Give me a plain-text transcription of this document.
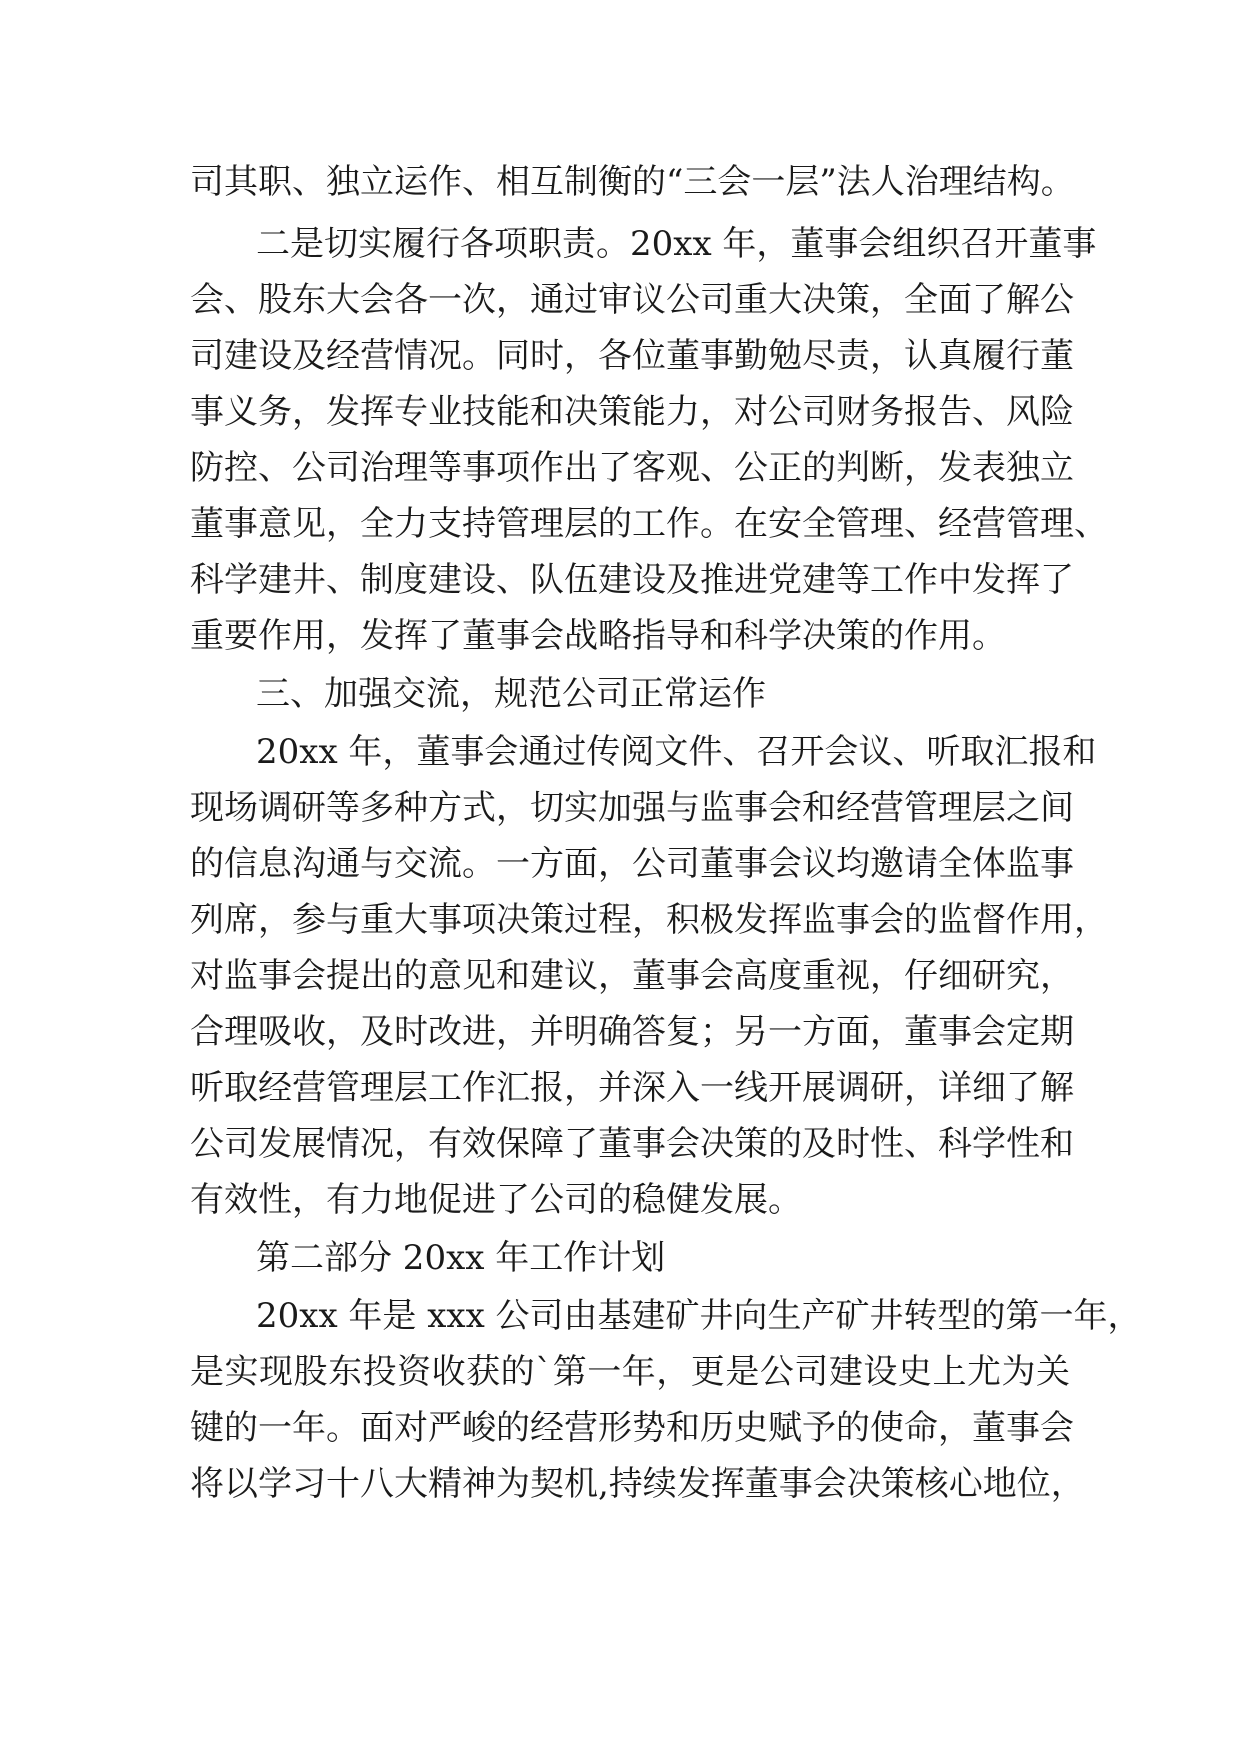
司其职、独立运作、相互制衡的“三会一层”法人治理结构。
二是切实履行各项职责。20xx 年，董事会组织召开董事
会、股东大会各一次，通过审议公司重大决策，全面了解公
司建设及经营情况。同时，各位董事勤勉尽责，认真履行董
事义务，发挥专业技能和决策能力，对公司财务报告、风险
防控、公司治理等事项作出了客观、公正的判断，发表独立
董事意见，全力支持管理层的工作。在安全管理、经营管理、
科学建井、制度建设、队伍建设及推进党建等工作中发挥了
重要作用，发挥了董事会战略指导和科学决策的作用。
三、加强交流，规范公司正常运作
20xx 年，董事会通过传阅文件、召开会议、听取汇报和
现场调研等多种方式，切实加强与监事会和经营管理层之间
的信息沟通与交流。一方面，公司董事会议均邀请全体监事
列席，参与重大事项决策过程，积极发挥监事会的监督作用，
对监事会提出的意见和建议，董事会高度重视，仔细研究，
合理吸收，及时改进，并明确答复；另一方面，董事会定期
听取经营管理层工作汇报，并深入一线开展调研，详细了解
公司发展情况，有效保障了董事会决策的及时性、科学性和
有效性，有力地促进了公司的稳健发展。
第二部分 20xx 年工作计划
20xx 年是 xxx 公司由基建矿井向生产矿井转型的第一年，
是实现股东投资收获的`第一年，更是公司建设史上尤为关
键的一年。面对严峻的经营形势和历史赋予的使命，董事会
将以学习十八大精神为契机,持续发挥董事会决策核心地位，
